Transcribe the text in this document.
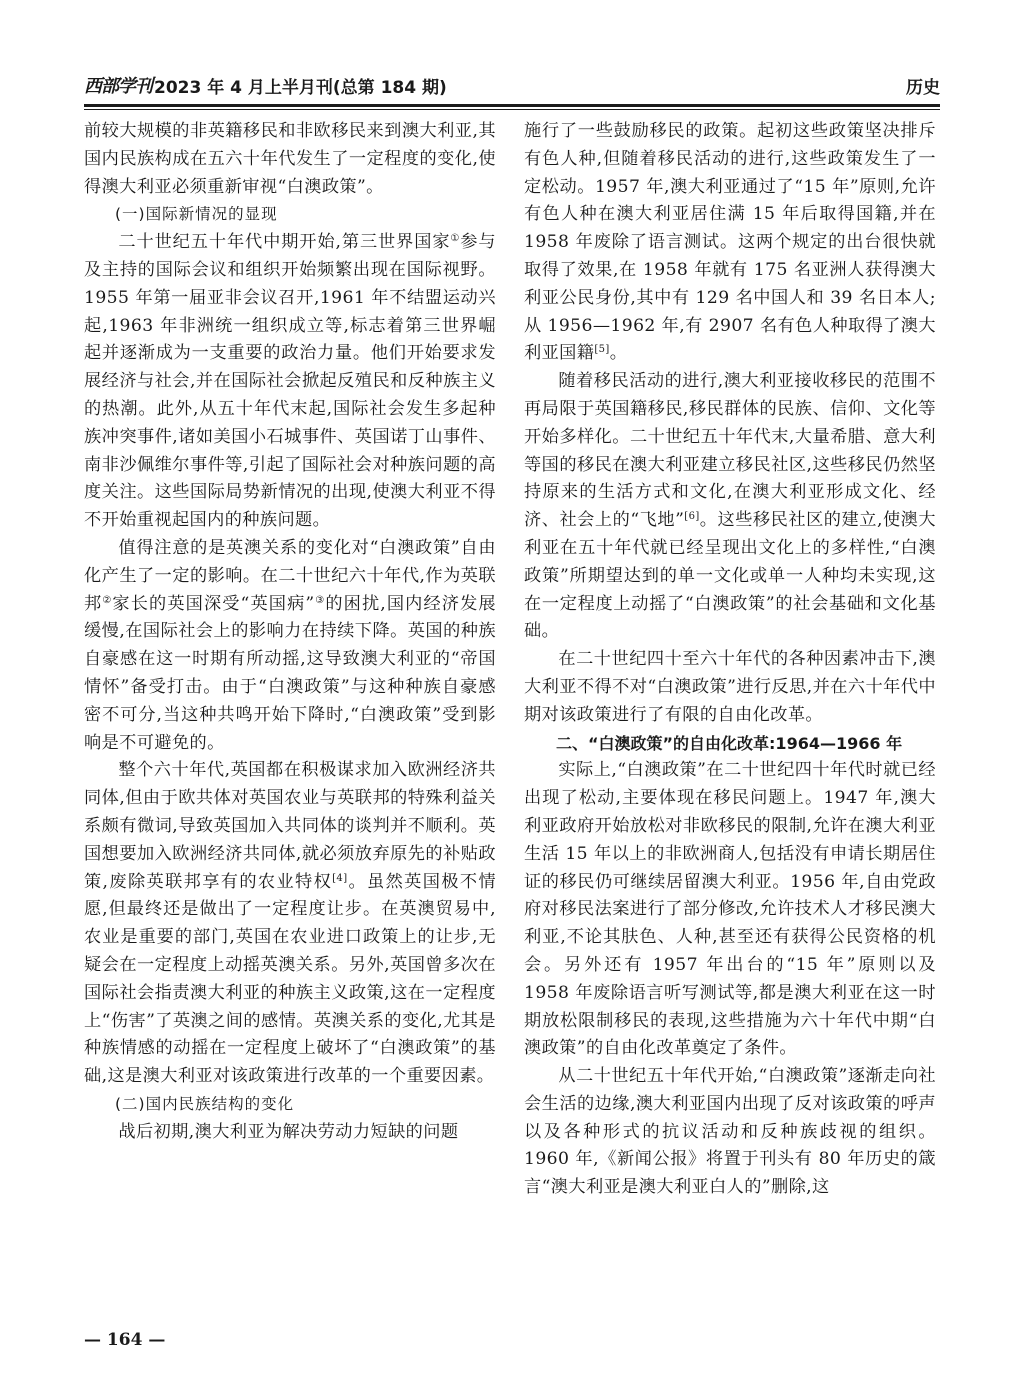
西部学刊 2023 年 4 月上半月刊(总第 184 期)	历史

前较大规模的非英籍移民和非欧移民来到澳大利亚,其国内民族构成在五六十年代发生了一定程度的变化,使得澳大利亚必须重新审视“白澳政策”。

(一)国际新情况的显现

二十世纪五十年代中期开始,第三世界国家①参与及主持的国际会议和组织开始频繁出现在国际视野。1955 年第一届亚非会议召开,1961 年不结盟运动兴起,1963 年非洲统一组织成立等,标志着第三世界崛起并逐渐成为一支重要的政治力量。他们开始要求发展经济与社会,并在国际社会掀起反殖民和反种族主义的热潮。此外,从五十年代末起,国际社会发生多起种族冲突事件,诸如美国小石城事件、英国诺丁山事件、南非沙佩维尔事件等,引起了国际社会对种族问题的高度关注。这些国际局势新情况的出现,使澳大利亚不得不开始重视起国内的种族问题。

值得注意的是英澳关系的变化对“白澳政策”自由化产生了一定的影响。在二十世纪六十年代,作为英联邦②家长的英国深受“英国病”③的困扰,国内经济发展缓慢,在国际社会上的影响力在持续下降。英国的种族自豪感在这一时期有所动摇,这导致澳大利亚的“帝国情怀”备受打击。由于“白澳政策”与这种种族自豪感密不可分,当这种共鸣开始下降时,“白澳政策”受到影响是不可避免的。

整个六十年代,英国都在积极谋求加入欧洲经济共同体,但由于欧共体对英国农业与英联邦的特殊利益关系颇有微词,导致英国加入共同体的谈判并不顺利。英国想要加入欧洲经济共同体,就必须放弃原先的补贴政策,废除英联邦享有的农业特权[4]。虽然英国极不情愿,但最终还是做出了一定程度让步。在英澳贸易中,农业是重要的部门,英国在农业进口政策上的让步,无疑会在一定程度上动摇英澳关系。另外,英国曾多次在国际社会指责澳大利亚的种族主义政策,这在一定程度上“伤害”了英澳之间的感情。英澳关系的变化,尤其是种族情感的动摇在一定程度上破坏了“白澳政策”的基础,这是澳大利亚对该政策进行改革的一个重要因素。

(二)国内民族结构的变化

战后初期,澳大利亚为解决劳动力短缺的问题

施行了一些鼓励移民的政策。起初这些政策坚决排斥有色人种,但随着移民活动的进行,这些政策发生了一定松动。1957 年,澳大利亚通过了“15 年”原则,允许有色人种在澳大利亚居住满 15 年后取得国籍,并在 1958 年废除了语言测试。这两个规定的出台很快就取得了效果,在 1958 年就有 175 名亚洲人获得澳大利亚公民身份,其中有 129 名中国人和 39 名日本人;从 1956—1962 年,有 2907 名有色人种取得了澳大利亚国籍[5]。

随着移民活动的进行,澳大利亚接收移民的范围不再局限于英国籍移民,移民群体的民族、信仰、文化等开始多样化。二十世纪五十年代末,大量希腊、意大利等国的移民在澳大利亚建立移民社区,这些移民仍然坚持原来的生活方式和文化,在澳大利亚形成文化、经济、社会上的“飞地”[6]。这些移民社区的建立,使澳大利亚在五十年代就已经呈现出文化上的多样性,“白澳政策”所期望达到的单一文化或单一人种均未实现,这在一定程度上动摇了“白澳政策”的社会基础和文化基础。

在二十世纪四十至六十年代的各种因素冲击下,澳大利亚不得不对“白澳政策”进行反思,并在六十年代中期对该政策进行了有限的自由化改革。

二、“白澳政策”的自由化改革:1964—1966 年

实际上,“白澳政策”在二十世纪四十年代时就已经出现了松动,主要体现在移民问题上。1947 年,澳大利亚政府开始放松对非欧移民的限制,允许在澳大利亚生活 15 年以上的非欧洲商人,包括没有申请长期居住证的移民仍可继续居留澳大利亚。1956 年,自由党政府对移民法案进行了部分修改,允许技术人才移民澳大利亚,不论其肤色、人种,甚至还有获得公民资格的机会。另外还有 1957 年出台的“15 年”原则以及 1958 年废除语言听写测试等,都是澳大利亚在这一时期放松限制移民的表现,这些措施为六十年代中期“白澳政策”的自由化改革奠定了条件。

从二十世纪五十年代开始,“白澳政策”逐渐走向社会生活的边缘,澳大利亚国内出现了反对该政策的呼声以及各种形式的抗议活动和反种族歧视的组织。1960 年,《新闻公报》将置于刊头有 80 年历史的箴言“澳大利亚是澳大利亚白人的”删除,这

— 164 —
